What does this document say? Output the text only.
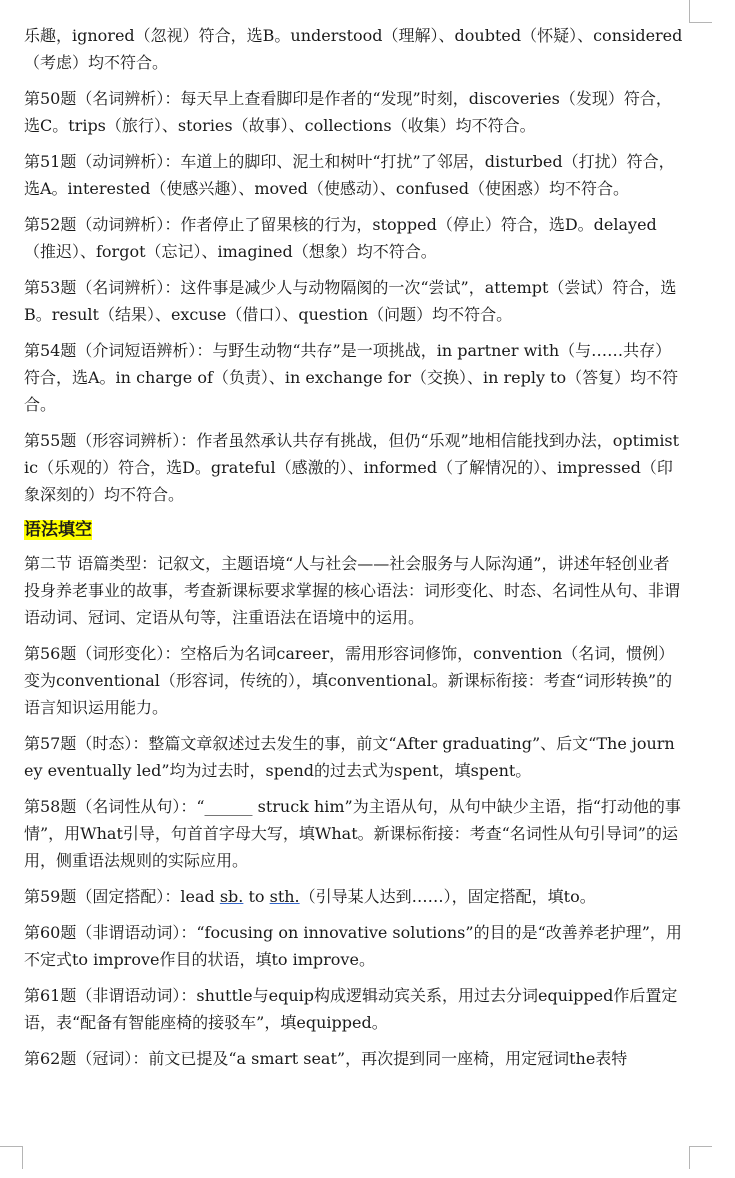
乐趣，ignored（忽视）符合，选B。understood（理解）、doubted（怀疑）、considered（考虑）均不符合。

第50题（名词辨析）：每天早上查看脚印是作者的“发现”时刻，discoveries（发现）符合，选C。trips（旅行）、stories（故事）、collections（收集）均不符合。

第51题（动词辨析）：车道上的脚印、泥土和树叶“打扰”了邻居，disturbed（打扰）符合，选A。interested（使感兴趣）、moved（使感动）、confused（使困惑）均不符合。

第52题（动词辨析）：作者停止了留果核的行为，stopped（停止）符合，选D。delayed（推迟）、forgot（忘记）、imagined（想象）均不符合。

第53题（名词辨析）：这件事是减少人与动物隔阂的一次“尝试”，attempt（尝试）符合，选B。result（结果）、excuse（借口）、question（问题）均不符合。

第54题（介词短语辨析）：与野生动物“共存”是一项挑战，in partner with（与……共存）符合，选A。in charge of（负责）、in exchange for（交换）、in reply to（答复）均不符合。

第55题（形容词辨析）：作者虽然承认共存有挑战，但仍“乐观”地相信能找到办法，optimistic（乐观的）符合，选D。grateful（感激的）、informed（了解情况的）、impressed（印象深刻的）均不符合。

语法填空

第二节 语篇类型：记叙文，主题语境“人与社会——社会服务与人际沟通”，讲述年轻创业者投身养老事业的故事，考查新课标要求掌握的核心语法：词形变化、时态、名词性从句、非谓语动词、冠词、定语从句等，注重语法在语境中的运用。

第56题（词形变化）：空格后为名词career，需用形容词修饰，convention（名词，惯例）变为conventional（形容词，传统的），填conventional。新课标衔接：考查“词形转换”的语言知识运用能力。

第57题（时态）：整篇文章叙述过去发生的事，前文“After graduating”、后文“The journey eventually led”均为过去时，spend的过去式为spent，填spent。

第58题（名词性从句）：“______ struck him”为主语从句，从句中缺少主语，指“打动他的事情”，用What引导，句首首字母大写，填What。新课标衔接：考查“名词性从句引导词”的运用，侧重语法规则的实际应用。

第59题（固定搭配）：lead sb. to sth.（引导某人达到……），固定搭配，填to。

第60题（非谓语动词）：“focusing on innovative solutions”的目的是“改善养老护理”，用不定式to improve作目的状语，填to improve。

第61题（非谓语动词）：shuttle与equip构成逻辑动宾关系，用过去分词equipped作后置定语，表“配备有智能座椅的接驳车”，填equipped。

第62题（冠词）：前文已提及“a smart seat”，再次提到同一座椅，用定冠词the表特
